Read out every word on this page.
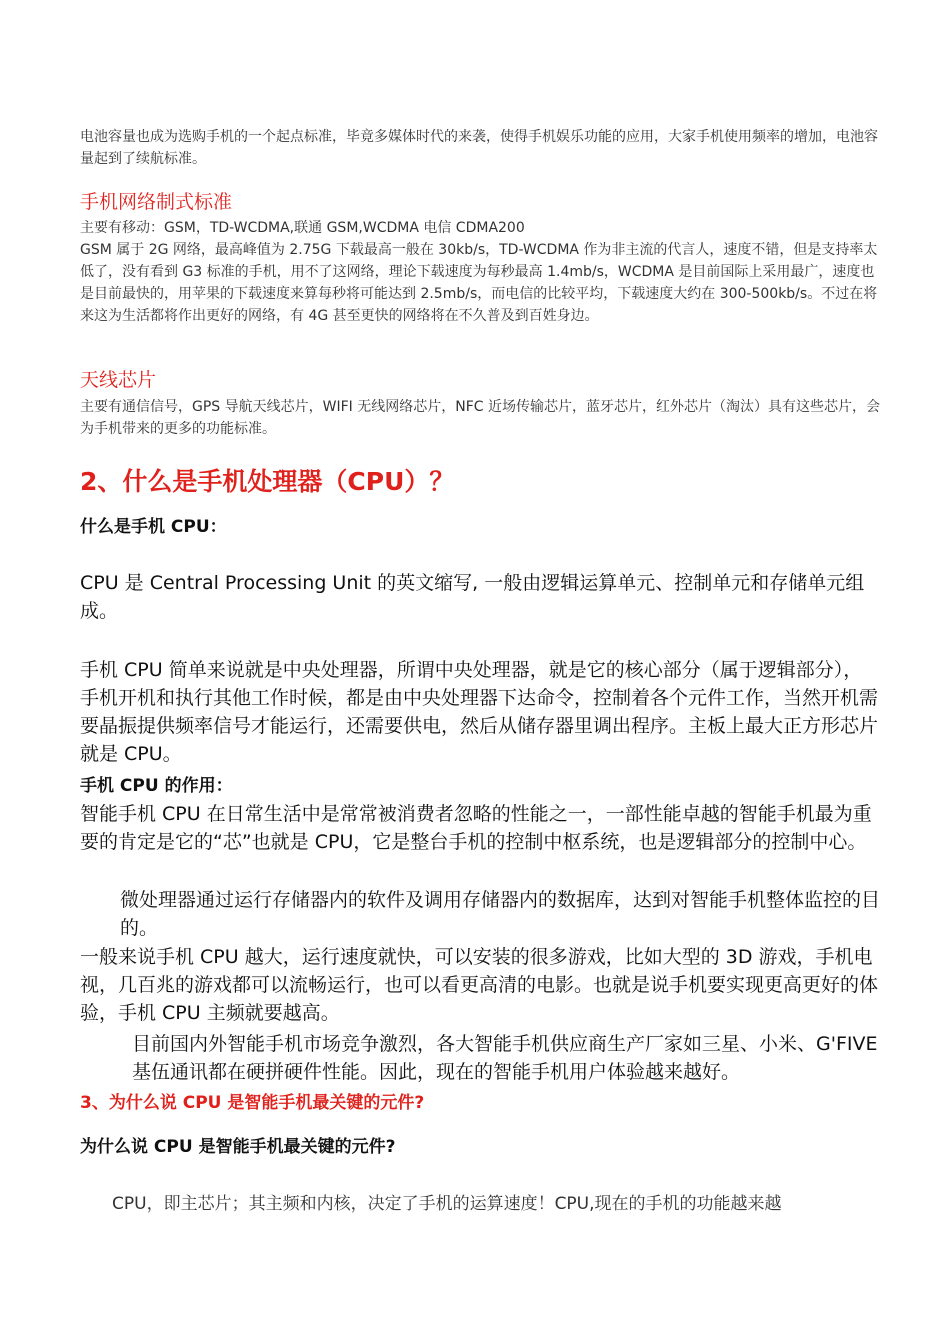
电池容量也成为选购手机的一个起点标准，毕竟多媒体时代的来袭，使得手机娱乐功能的应用，大家手机使用频率的增加，电池容量起到了续航标准。

手机网络制式标准

主要有移动：GSM，TD-WCDMA,联通 GSM,WCDMA 电信 CDMA200

GSM 属于 2G 网络，最高峰值为 2.75G 下载最高一般在 30kb/s，TD-WCDMA 作为非主流的代言人，速度不错，但是支持率太低了，没有看到 G3 标准的手机，用不了这网络，理论下载速度为每秒最高 1.4mb/s，WCDMA 是目前国际上采用最广，速度也是目前最快的，用苹果的下载速度来算每秒将可能达到 2.5mb/s，而电信的比较平均，下载速度大约在 300-500kb/s。不过在将来这为生活都将作出更好的网络，有 4G 甚至更快的网络将在不久普及到百姓身边。

天线芯片

主要有通信信号，GPS 导航天线芯片，WIFI 无线网络芯片，NFC 近场传输芯片，蓝牙芯片，红外芯片（淘汰）具有这些芯片，会为手机带来的更多的功能标准。

2、什么是手机处理器（CPU）？

什么是手机 CPU：

CPU 是 Central Processing Unit 的英文缩写, 一般由逻辑运算单元、控制单元和存储单元组成。

手机 CPU 简单来说就是中央处理器，所谓中央处理器，就是它的核心部分（属于逻辑部分），手机开机和执行其他工作时候，都是由中央处理器下达命令，控制着各个元件工作，当然开机需要晶振提供频率信号才能运行，还需要供电，然后从储存器里调出程序。主板上最大正方形芯片就是 CPU。

手机 CPU 的作用：

智能手机 CPU 在日常生活中是常常被消费者忽略的性能之一，一部性能卓越的智能手机最为重要的肯定是它的“芯”也就是 CPU，它是整台手机的控制中枢系统，也是逻辑部分的控制中心。

微处理器通过运行存储器内的软件及调用存储器内的数据库，达到对智能手机整体监控的目的。

一般来说手机 CPU 越大，运行速度就快，可以安装的很多游戏，比如大型的 3D 游戏，手机电视，几百兆的游戏都可以流畅运行，也可以看更高清的电影。也就是说手机要实现更高更好的体验，手机 CPU 主频就要越高。

目前国内外智能手机市场竞争激烈，各大智能手机供应商生产厂家如三星、小米、G'FIVE 基伍通讯都在硬拼硬件性能。因此，现在的智能手机用户体验越来越好。

3、为什么说 CPU 是智能手机最关键的元件?

为什么说 CPU 是智能手机最关键的元件?

CPU，即主芯片；其主频和内核，决定了手机的运算速度！CPU,现在的手机的功能越来越
